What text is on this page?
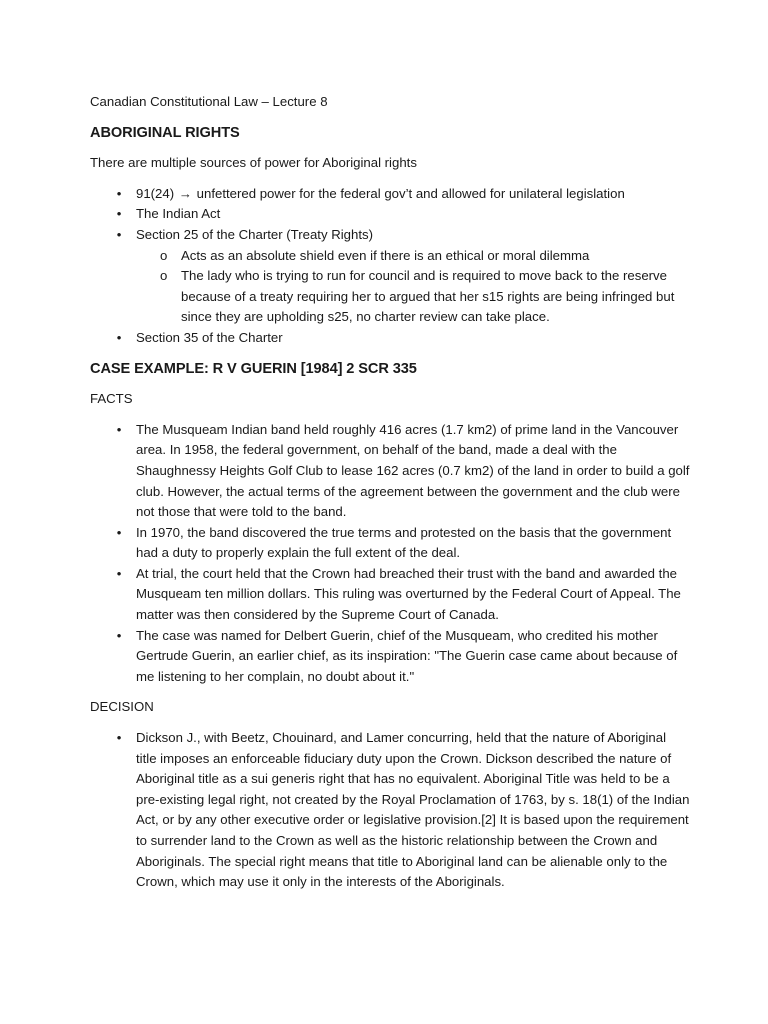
Canadian Constitutional Law – Lecture 8
ABORIGINAL RIGHTS
There are multiple sources of power for Aboriginal rights
• 91(24) → unfettered power for the federal gov’t and allowed for unilateral legislation
• The Indian Act
• Section 25 of the Charter (Treaty Rights)
o Acts as an absolute shield even if there is an ethical or moral dilemma
o The lady who is trying to run for council and is required to move back to the reserve because of a treaty requiring her to argued that her s15 rights are being infringed but since they are upholding s25, no charter review can take place.
• Section 35 of the Charter
CASE EXAMPLE: R V GUERIN [1984] 2 SCR 335
FACTS
• The Musqueam Indian band held roughly 416 acres (1.7 km2) of prime land in the Vancouver area. In 1958, the federal government, on behalf of the band, made a deal with the Shaughnessy Heights Golf Club to lease 162 acres (0.7 km2) of the land in order to build a golf club. However, the actual terms of the agreement between the government and the club were not those that were told to the band.
• In 1970, the band discovered the true terms and protested on the basis that the government had a duty to properly explain the full extent of the deal.
• At trial, the court held that the Crown had breached their trust with the band and awarded the Musqueam ten million dollars. This ruling was overturned by the Federal Court of Appeal. The matter was then considered by the Supreme Court of Canada.
• The case was named for Delbert Guerin, chief of the Musqueam, who credited his mother Gertrude Guerin, an earlier chief, as its inspiration: "The Guerin case came about because of me listening to her complain, no doubt about it."
DECISION
• Dickson J., with Beetz, Chouinard, and Lamer concurring, held that the nature of Aboriginal title imposes an enforceable fiduciary duty upon the Crown. Dickson described the nature of Aboriginal title as a sui generis right that has no equivalent. Aboriginal Title was held to be a pre-existing legal right, not created by the Royal Proclamation of 1763, by s. 18(1) of the Indian Act, or by any other executive order or legislative provision.[2] It is based upon the requirement to surrender land to the Crown as well as the historic relationship between the Crown and Aboriginals. The special right means that title to Aboriginal land can be alienable only to the Crown, which may use it only in the interests of the Aboriginals.
